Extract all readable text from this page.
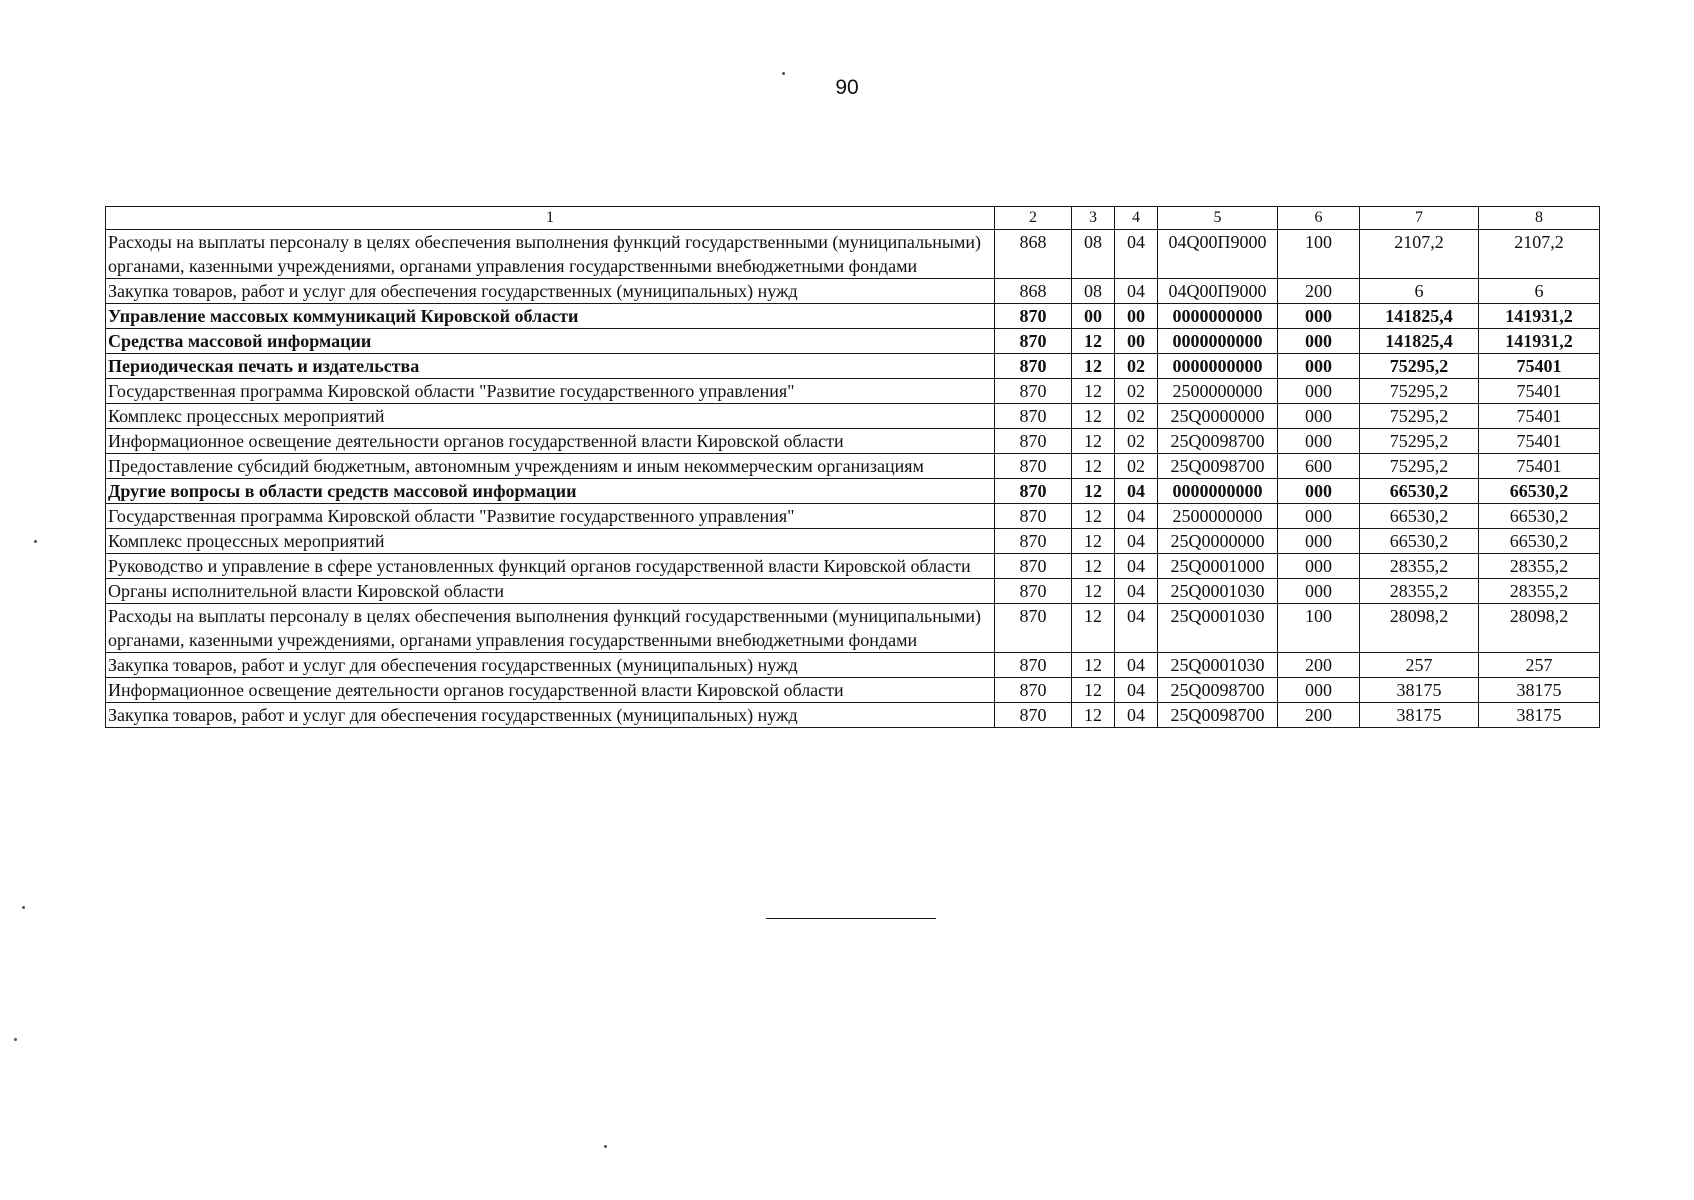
90
1	2	3	4	5	6	7	8
Расходы на выплаты персоналу в целях обеспечения выполнения функций государственными (муниципальными) органами, казенными учреждениями, органами управления государственными внебюджетными фондами	868	08	04	04Q00П9000	100	2107,2	2107,2
Закупка товаров, работ и услуг для обеспечения государственных (муниципальных) нужд	868	08	04	04Q00П9000	200	6	6
Управление массовых коммуникаций Кировской области	870	00	00	0000000000	000	141825,4	141931,2
Средства массовой информации	870	12	00	0000000000	000	141825,4	141931,2
Периодическая печать и издательства	870	12	02	0000000000	000	75295,2	75401
Государственная программа Кировской области "Развитие государственного управления"	870	12	02	2500000000	000	75295,2	75401
Комплекс процессных мероприятий	870	12	02	25Q0000000	000	75295,2	75401
Информационное освещение деятельности органов государственной власти Кировской области	870	12	02	25Q0098700	000	75295,2	75401
Предоставление субсидий бюджетным, автономным учреждениям и иным некоммерческим организациям	870	12	02	25Q0098700	600	75295,2	75401
Другие вопросы в области средств массовой информации	870	12	04	0000000000	000	66530,2	66530,2
Государственная программа Кировской области "Развитие государственного управления"	870	12	04	2500000000	000	66530,2	66530,2
Комплекс процессных мероприятий	870	12	04	25Q0000000	000	66530,2	66530,2
Руководство и управление в сфере установленных функций органов государственной власти Кировской области	870	12	04	25Q0001000	000	28355,2	28355,2
Органы исполнительной власти Кировской области	870	12	04	25Q0001030	000	28355,2	28355,2
Расходы на выплаты персоналу в целях обеспечения выполнения функций государственными (муниципальными) органами, казенными учреждениями, органами управления государственными внебюджетными фондами	870	12	04	25Q0001030	100	28098,2	28098,2
Закупка товаров, работ и услуг для обеспечения государственных (муниципальных) нужд	870	12	04	25Q0001030	200	257	257
Информационное освещение деятельности органов государственной власти Кировской области	870	12	04	25Q0098700	000	38175	38175
Закупка товаров, работ и услуг для обеспечения государственных (муниципальных) нужд	870	12	04	25Q0098700	200	38175	38175
